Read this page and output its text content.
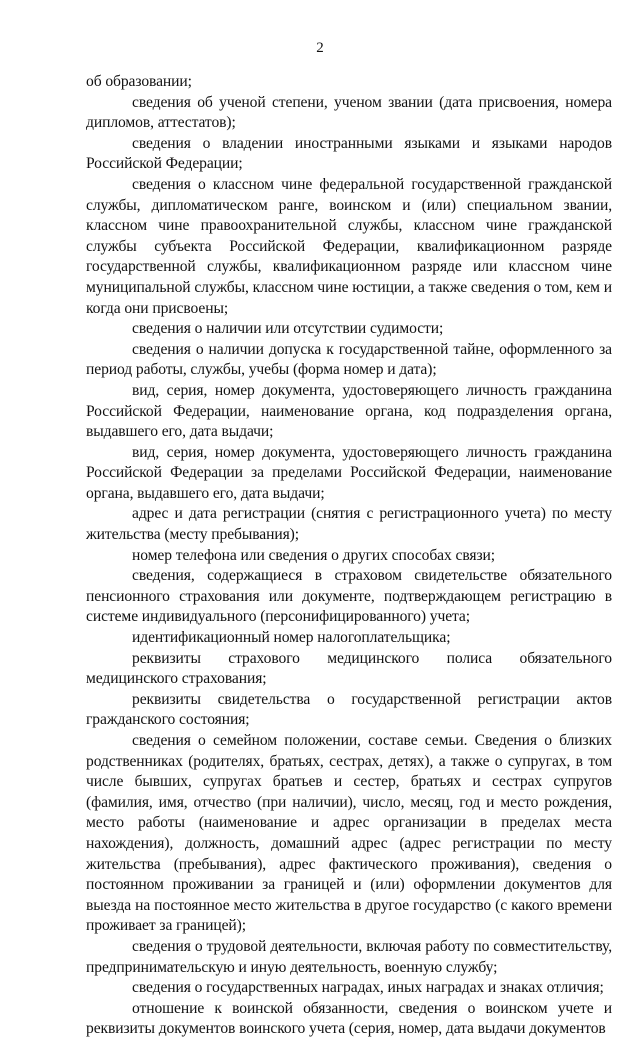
2

об образовании;

сведения об ученой степени, ученом звании (дата присвоения, номера дипломов, аттестатов);

сведения о владении иностранными языками и языками народов Российской Федерации;

сведения о классном чине федеральной государственной гражданской службы, дипломатическом ранге, воинском и (или) специальном звании, классном чине правоохранительной службы, классном чине гражданской службы субъекта Российской Федерации, квалификационном разряде государственной службы, квалификационном разряде или классном чине муниципальной службы, классном чине юстиции, а также сведения о том, кем и когда они присвоены;

сведения о наличии или отсутствии судимости;

сведения о наличии допуска к государственной тайне, оформленного за период работы, службы, учебы (форма номер и дата);

вид, серия, номер документа, удостоверяющего личность гражданина Российской Федерации, наименование органа, код подразделения органа, выдавшего его, дата выдачи;

вид, серия, номер документа, удостоверяющего личность гражданина Российской Федерации за пределами Российской Федерации, наименование органа, выдавшего его, дата выдачи;

адрес и дата регистрации (снятия с регистрационного учета) по месту жительства (месту пребывания);

номер телефона или сведения о других способах связи;

сведения, содержащиеся в страховом свидетельстве обязательного пенсионного страхования или документе, подтверждающем регистрацию в системе индивидуального (персонифицированного) учета;

идентификационный номер налогоплательщика;

реквизиты страхового медицинского полиса обязательного медицинского страхования;

реквизиты свидетельства о государственной регистрации актов гражданского состояния;

сведения о семейном положении, составе семьи. Сведения о близких родственниках (родителях, братьях, сестрах, детях), а также о супругах, в том числе бывших, супругах братьев и сестер, братьях и сестрах супругов (фамилия, имя, отчество (при наличии), число, месяц, год и место рождения, место работы (наименование и адрес организации в пределах места нахождения), должность, домашний адрес (адрес регистрации по месту жительства (пребывания), адрес фактического проживания), сведения о постоянном проживании за границей и (или) оформлении документов для выезда на постоянное место жительства в другое государство (с какого времени проживает за границей);

сведения о трудовой деятельности, включая работу по совместительству, предпринимательскую и иную деятельность, военную службу;

сведения о государственных наградах, иных наградах и знаках отличия;

отношение к воинской обязанности, сведения о воинском учете и реквизиты документов воинского учета (серия, номер, дата выдачи документов
